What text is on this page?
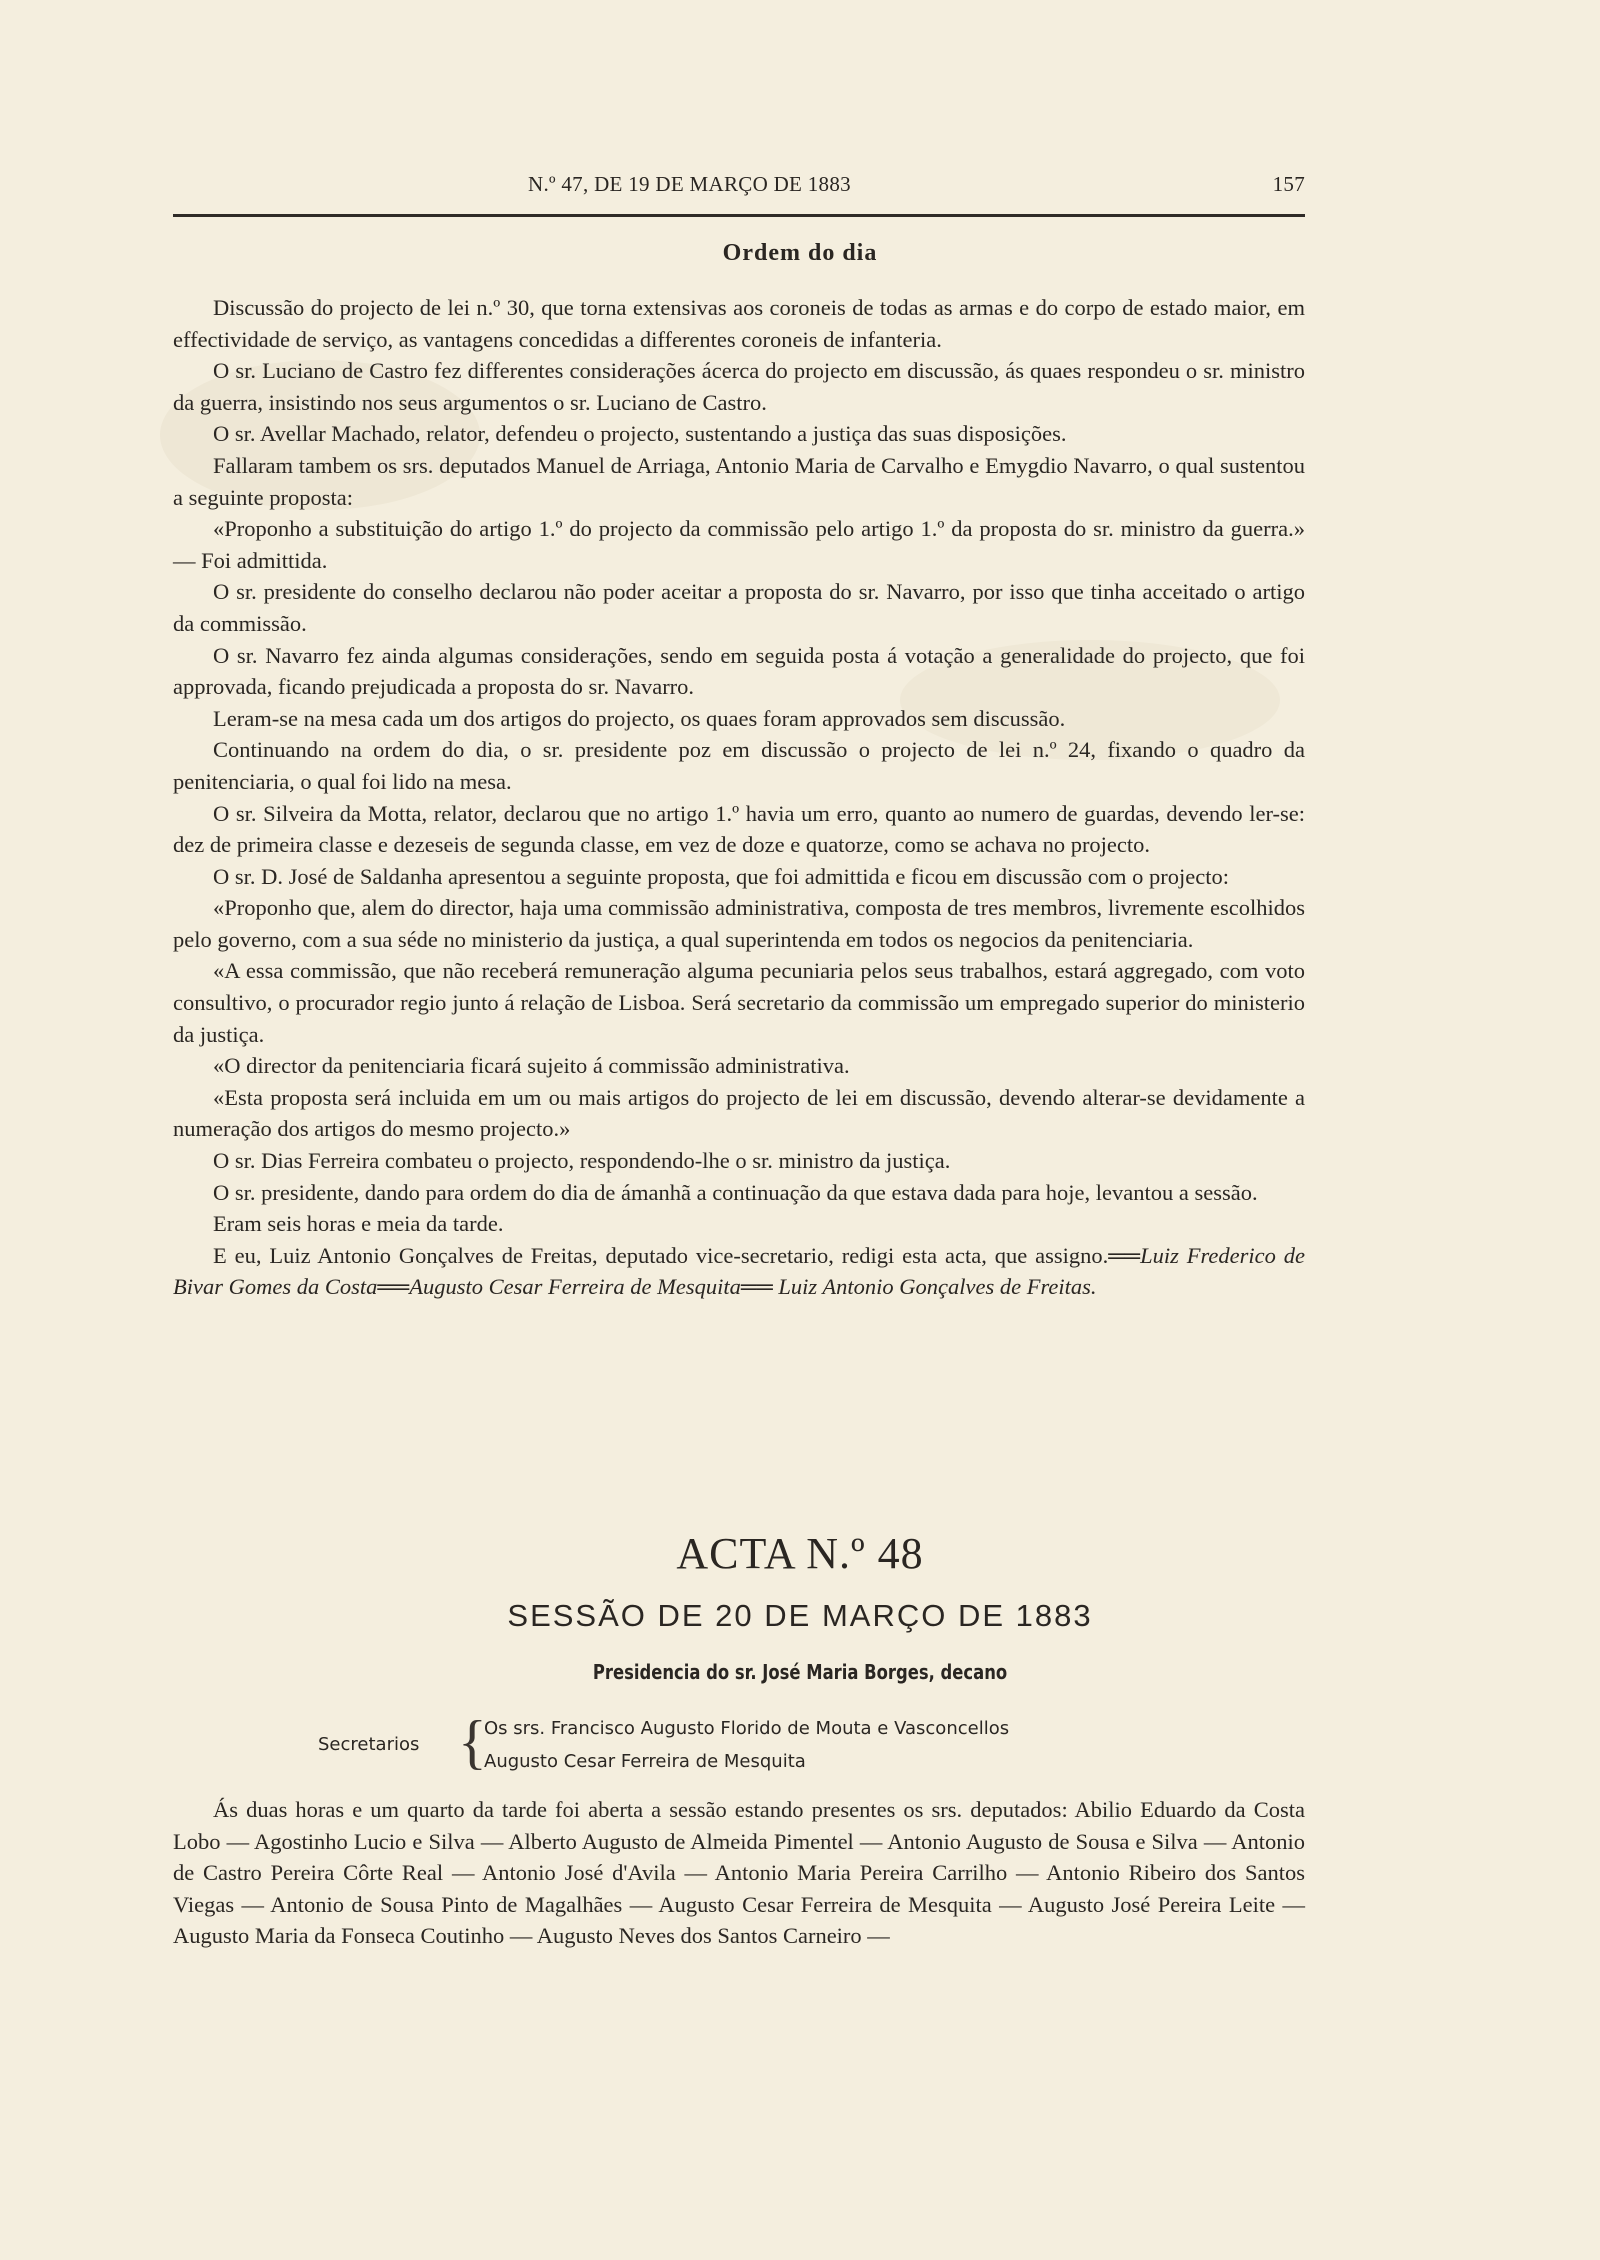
N.º 47, DE 19 DE MARÇO DE 1883	157
Ordem do dia

Discussão do projecto de lei n.º 30, que torna extensivas aos coroneis de todas as armas e do corpo de estado maior, em effectividade de serviço, as vantagens concedidas a differentes coroneis de infanteria.

O sr. Luciano de Castro fez differentes considerações ácerca do projecto em discussão, ás quaes respondeu o sr. ministro da guerra, insistindo nos seus argumentos o sr. Luciano de Castro.

O sr. Avellar Machado, relator, defendeu o projecto, sustentando a justiça das suas disposições.

Fallaram tambem os srs. deputados Manuel de Arriaga, Antonio Maria de Carvalho e Emygdio Navarro, o qual sustentou a seguinte proposta:

«Proponho a substituição do artigo 1.º do projecto da commissão pelo artigo 1.º da proposta do sr. ministro da guerra.» — Foi admittida.

O sr. presidente do conselho declarou não poder aceitar a proposta do sr. Navarro, por isso que tinha acceitado o artigo da commissão.

O sr. Navarro fez ainda algumas considerações, sendo em seguida posta á votação a generalidade do projecto, que foi approvada, ficando prejudicada a proposta do sr. Navarro.

Leram-se na mesa cada um dos artigos do projecto, os quaes foram approvados sem discussão.

Continuando na ordem do dia, o sr. presidente poz em discussão o projecto de lei n.º 24, fixando o quadro da penitenciaria, o qual foi lido na mesa.

O sr. Silveira da Motta, relator, declarou que no artigo 1.º havia um erro, quanto ao numero de guardas, devendo ler-se: dez de primeira classe e dezeseis de segunda classe, em vez de doze e quatorze, como se achava no projecto.

O sr. D. José de Saldanha apresentou a seguinte proposta, que foi admittida e ficou em discussão com o projecto:

«Proponho que, alem do director, haja uma commissão administrativa, composta de tres membros, livremente escolhidos pelo governo, com a sua séde no ministerio da justiça, a qual superintenda em todos os negocios da penitenciaria.

«A essa commissão, que não receberá remuneração alguma pecuniaria pelos seus trabalhos, estará aggregado, com voto consultivo, o procurador regio junto á relação de Lisboa. Será secretario da commissão um empregado superior do ministerio da justiça.

«O director da penitenciaria ficará sujeito á commissão administrativa.

«Esta proposta será incluida em um ou mais artigos do projecto de lei em discussão, devendo alterar-se devidamente a numeração dos artigos do mesmo projecto.»

O sr. Dias Ferreira combateu o projecto, respondendo-lhe o sr. ministro da justiça.

O sr. presidente, dando para ordem do dia de ámanhã a continuação da que estava dada para hoje, levantou a sessão.

Eram seis horas e meia da tarde.

E eu, Luiz Antonio Gonçalves de Freitas, deputado vice-secretario, redigi esta acta, que assigno.══Luiz Frederico de Bivar Gomes da Costa══Augusto Cesar Ferreira de Mesquita══ Luiz Antonio Gonçalves de Freitas.

ACTA N.º 48
SESSÃO DE 20 DE MARÇO DE 1883
Presidencia do sr. José Maria Borges, decano
Secretarios {
Os srs. Francisco Augusto Florido de Mouta e Vasconcellos
Augusto Cesar Ferreira de Mesquita

Ás duas horas e um quarto da tarde foi aberta a sessão estando presentes os srs. deputados: Abilio Eduardo da Costa Lobo — Agostinho Lucio e Silva — Alberto Augusto de Almeida Pimentel — Antonio Augusto de Sousa e Silva — Antonio de Castro Pereira Côrte Real — Antonio José d'Avila — Antonio Maria Pereira Carrilho — Antonio Ribeiro dos Santos Viegas — Antonio de Sousa Pinto de Magalhães — Augusto Cesar Ferreira de Mesquita — Augusto José Pereira Leite — Augusto Maria da Fonseca Coutinho — Augusto Neves dos Santos Carneiro —
